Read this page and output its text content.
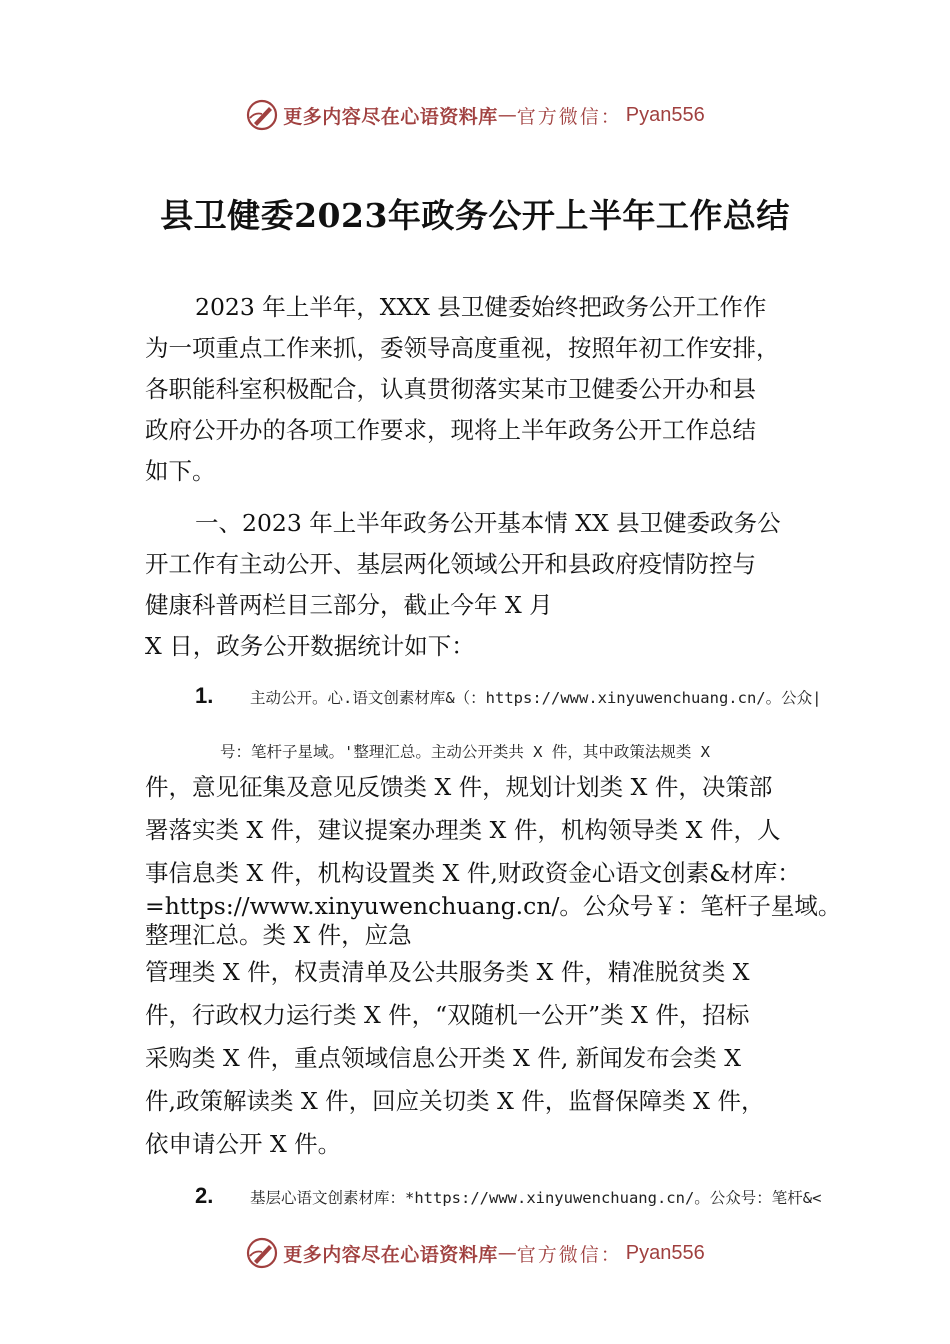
更多内容尽在心语资料库 — 官方微信： Pyan556
县卫健委2023年政务公开上半年工作总结
2023 年上半年，XXX 县卫健委始终把政务公开工作作
为一项重点工作来抓，委领导高度重视，按照年初工作安排，
各职能科室积极配合，认真贯彻落实某市卫健委公开办和县
政府公开办的各项工作要求，现将上半年政务公开工作总结
如下。
一、2023 年上半年政务公开基本情 XX 县卫健委政务公
开工作有主动公开、基层两化领域公开和县政府疫情防控与
健康科普两栏目三部分，截止今年 X 月
X 日，政务公开数据统计如下：
1. 主动公开。心.语文创素材库&（：https://www.xinyuwenchuang.cn/。公众|
号：笔杆子星域。'整理汇总。主动公开类共 X 件，其中政策法规类 X
件，意见征集及意见反馈类 X 件，规划计划类 X 件，决策部
署落实类 X 件，建议提案办理类 X 件，机构领导类 X 件，人
事信息类 X 件，机构设置类 X 件,财政资金心语文创素&材库：
=https://www.xinyuwenchuang.cn/。公众号￥：笔杆子星域。
整理汇总。类 X 件，应急
管理类 X 件，权责清单及公共服务类 X 件，精准脱贫类 X
件，行政权力运行类 X 件，“双随机一公开”类 X 件，招标
采购类 X 件，重点领域信息公开类 X 件, 新闻发布会类 X
件,政策解读类 X 件，回应关切类 X 件，监督保障类 X 件，
依申请公开 X 件。
2. 基层心语文创素材库：*https://www.xinyuwenchuang.cn/。公众号：笔杆&<
更多内容尽在心语资料库 — 官方微信： Pyan556
